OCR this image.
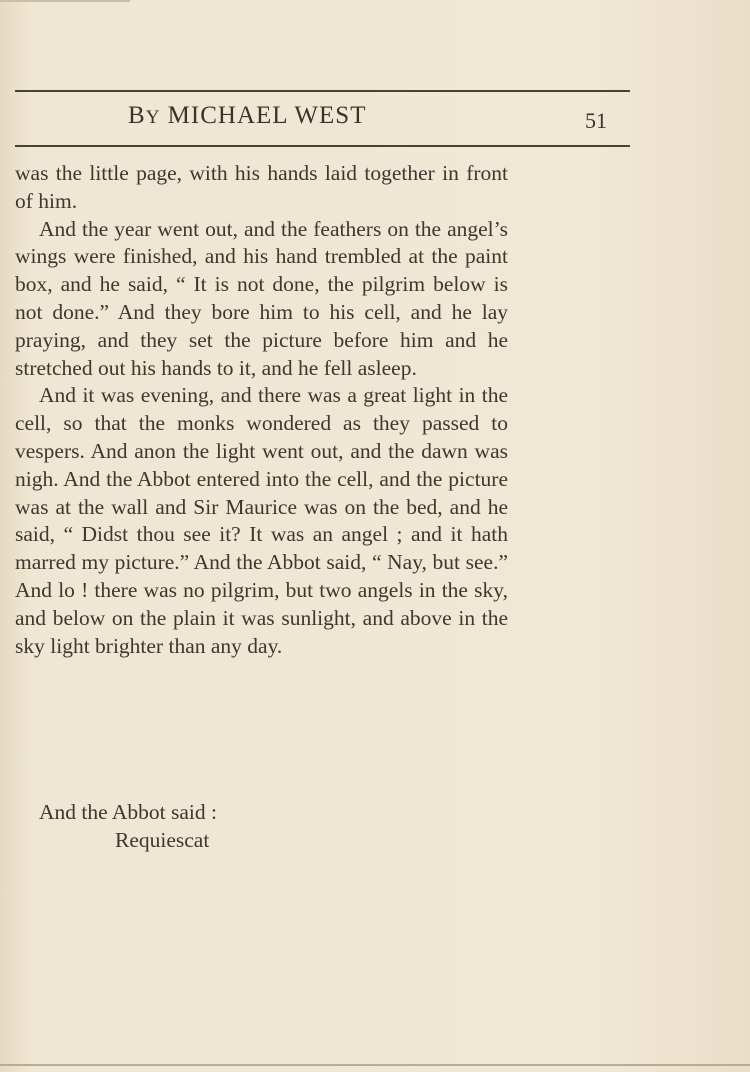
BY MICHAEL WEST	51

was the little page, with his hands laid together in front of him.

And the year went out, and the feathers on the angel’s wings were finished, and his hand trembled at the paint box, and he said, “ It is not done, the pilgrim below is not done.” And they bore him to his cell, and he lay praying, and they set the picture before him and he stretched out his hands to it, and he fell asleep.

And it was evening, and there was a great light in the cell, so that the monks wondered as they passed to vespers. And anon the light went out, and the dawn was nigh. And the Abbot entered into the cell, and the picture was at the wall and Sir Maurice was on the bed, and he said, “ Didst thou see it? It was an angel ; and it hath marred my picture.” And the Abbot said, “ Nay, but see.” And lo ! there was no pilgrim, but two angels in the sky, and below on the plain it was sunlight, and above in the sky light brighter than any day.

And the Abbot said :
Requiescat
